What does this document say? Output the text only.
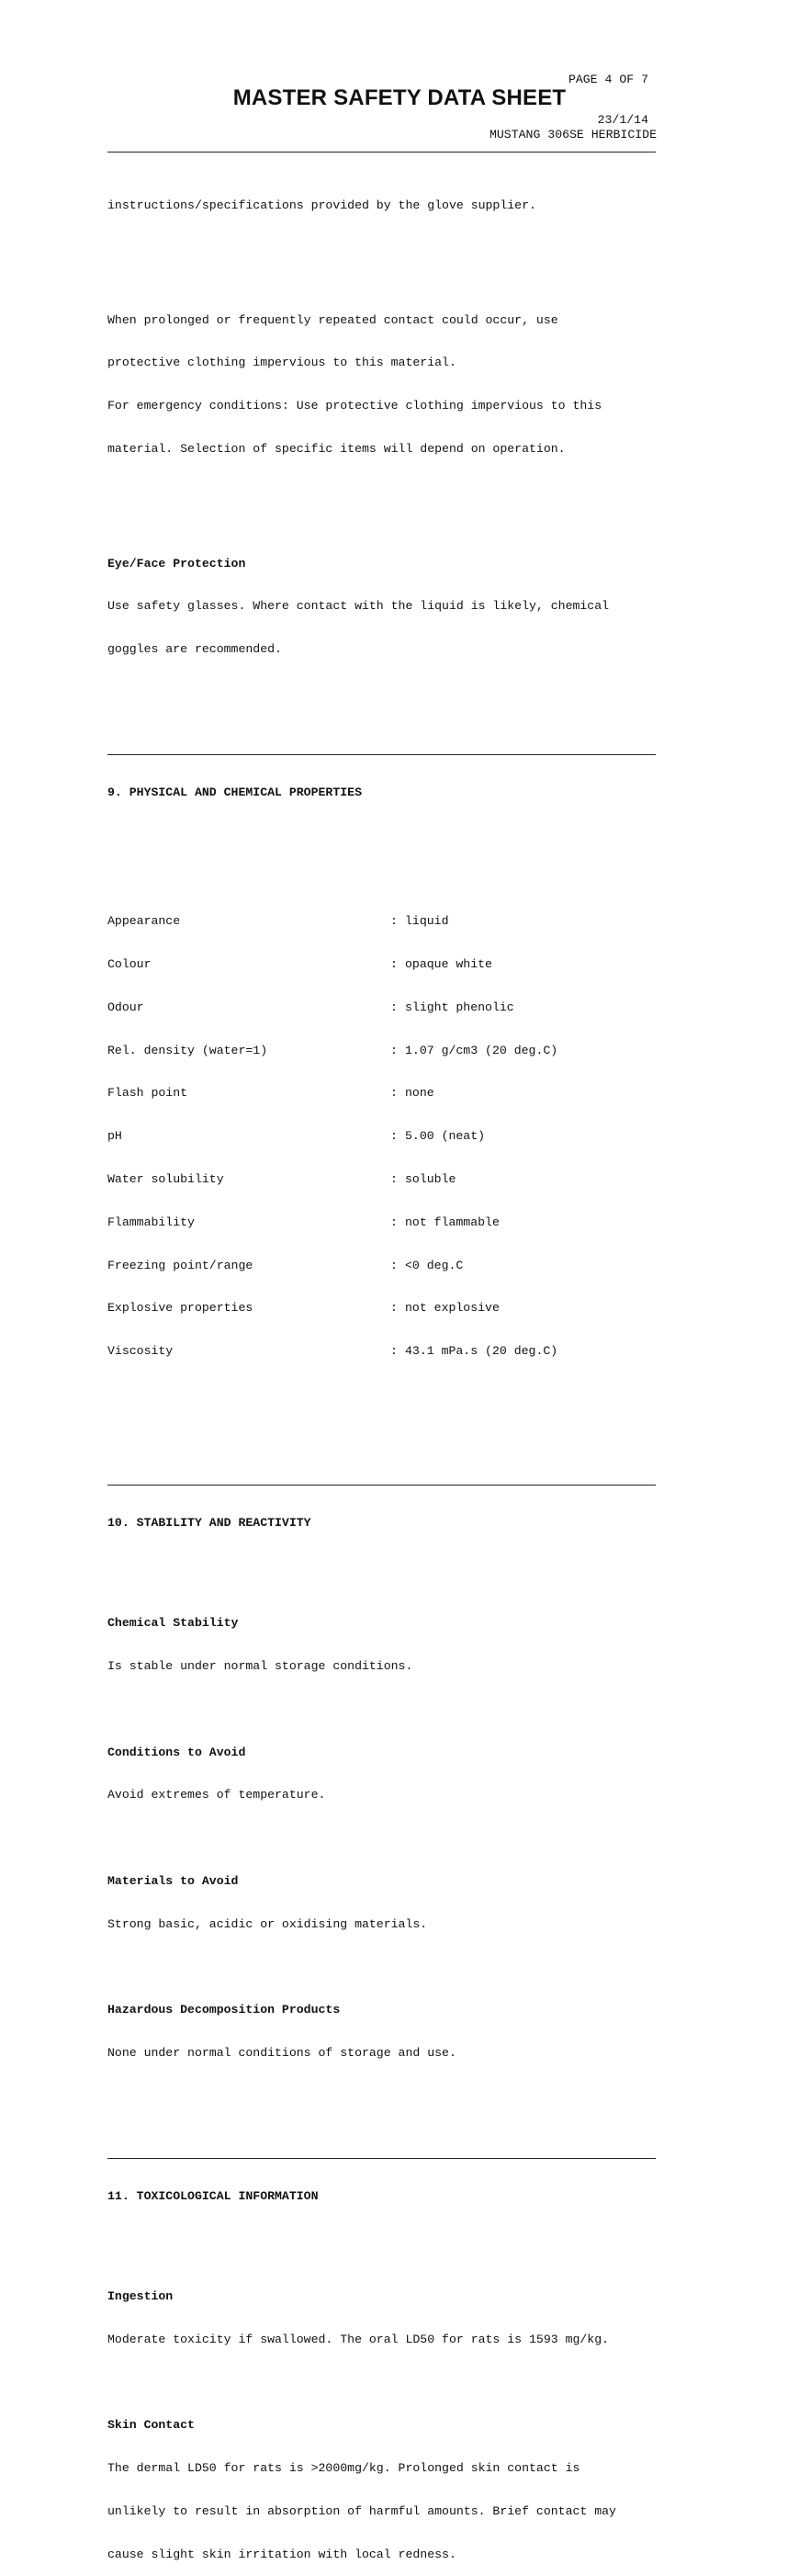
PAGE 4 OF 7
MASTER SAFETY DATA SHEET
23/1/14
MUSTANG 306SE HERBICIDE

instructions/specifications provided by the glove supplier.

When prolonged or frequently repeated contact could occur, use

protective clothing impervious to this material.

For emergency conditions: Use protective clothing impervious to this

material. Selection of specific items will depend on operation.

Eye/Face Protection

Use safety glasses. Where contact with the liquid is likely, chemical

goggles are recommended.

9. PHYSICAL AND CHEMICAL PROPERTIES

Appearance	: liquid

Colour	: opaque white

Odour	: slight phenolic

Rel. density (water=1)	: 1.07 g/cm3 (20 deg.C)

Flash point	: none

pH	: 5.00 (neat)

Water solubility	: soluble

Flammability	: not flammable

Freezing point/range	: <0 deg.C

Explosive properties	: not explosive

Viscosity	: 43.1 mPa.s (20 deg.C)

10. STABILITY AND REACTIVITY

Chemical Stability

Is stable under normal storage conditions.

Conditions to Avoid

Avoid extremes of temperature.

Materials to Avoid

Strong basic, acidic or oxidising materials.

Hazardous Decomposition Products

None under normal conditions of storage and use.

11. TOXICOLOGICAL INFORMATION

Ingestion

Moderate toxicity if swallowed. The oral LD50 for rats is 1593 mg/kg.

Skin Contact

The dermal LD50 for rats is >2000mg/kg. Prolonged skin contact is

unlikely to result in absorption of harmful amounts. Brief contact may

cause slight skin irritation with local redness.
